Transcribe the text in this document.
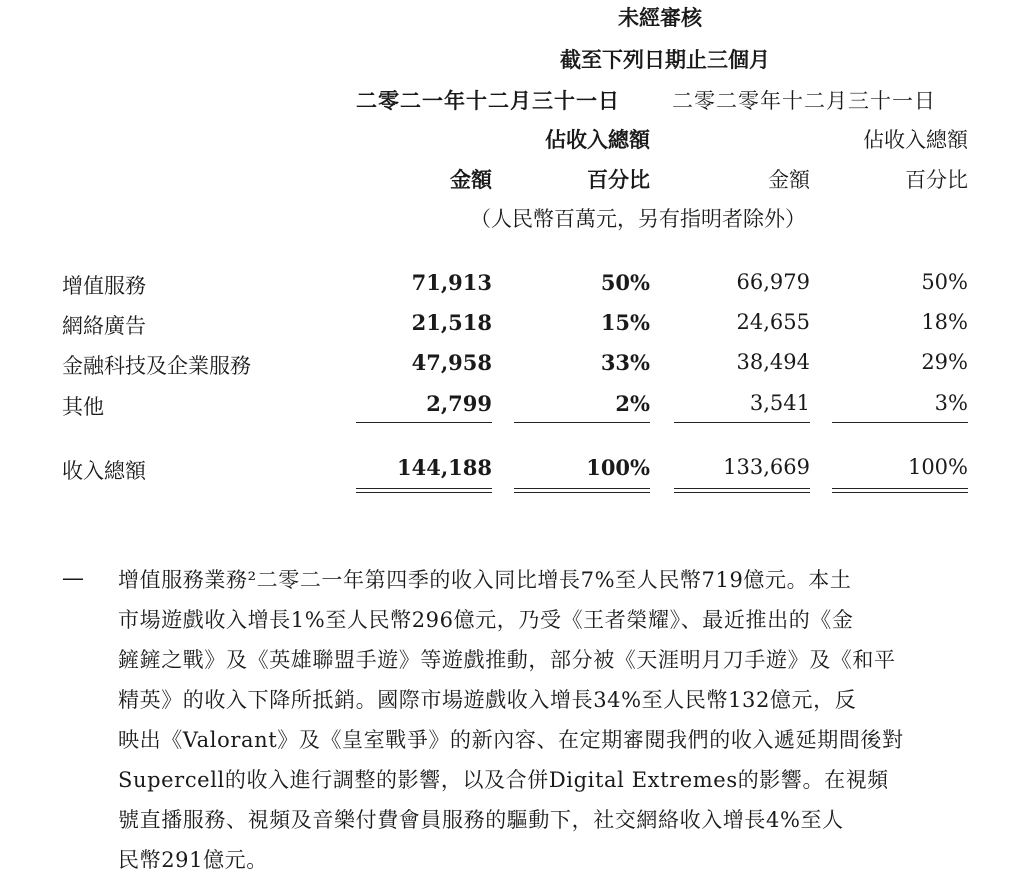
未經審核
截至下列日期止三個月
二零二一年十二月三十一日 二零二零年十二月三十一日
佔收入總額	佔收入總額
金額	百分比	金額	百分比
（人民幣百萬元，另有指明者除外）
增值服務	71,913	50%	66,979	50%
網絡廣告	21,518	15%	24,655	18%
金融科技及企業服務	47,958	33%	38,494	29%
其他	2,799	2%	3,541	3%
收入總額	144,188	100%	133,669	100%
— 增值服務業務²二零二一年第四季的收入同比增長7%至人民幣719億元。本土
市場遊戲收入增長1%至人民幣296億元，乃受《王者榮耀》、最近推出的《金
鏟鏟之戰》及《英雄聯盟手遊》等遊戲推動，部分被《天涯明月刀手遊》及《和平
精英》的收入下降所抵銷。國際市場遊戲收入增長34%至人民幣132億元，反
映出《Valorant》及《皇室戰爭》的新內容、在定期審閱我們的收入遞延期間後對
Supercell的收入進行調整的影響，以及合併Digital Extremes的影響。在視頻
號直播服務、視頻及音樂付費會員服務的驅動下，社交網絡收入增長4%至人
民幣291億元。
